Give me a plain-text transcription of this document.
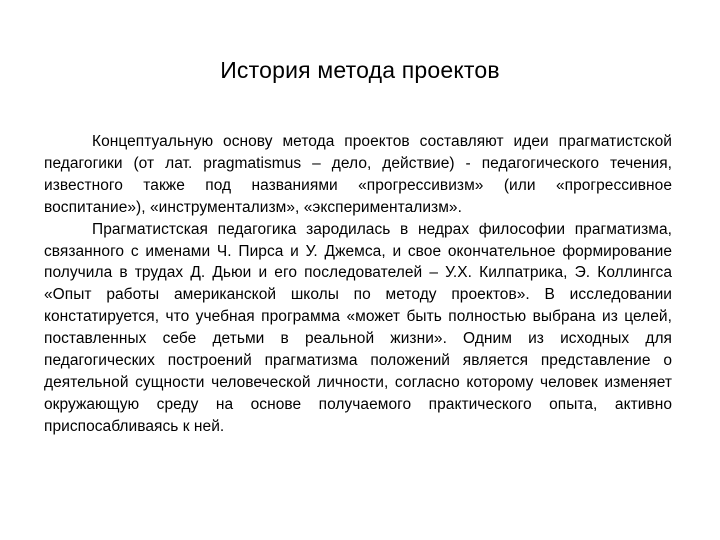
История метода проектов

Концептуальную основу метода проектов составляют идеи прагматистской педагогики (от лат. pragmatismus – дело, действие) - педагогического течения, известного также под названиями «прогрессивизм» (или «прогрессивное воспитание»), «инструментализм», «экспериментализм».

Прагматистская педагогика зародилась в недрах философии прагматизма, связанного с именами Ч. Пирса и У. Джемса, и свое окончательное формирование получила в трудах Д. Дьюи и его последователей – У.Х. Килпатрика, Э. Коллингса «Опыт работы американской школы по методу проектов». В исследовании констатируется, что учебная программа «может быть полностью выбрана из целей, поставленных себе детьми в реальной жизни». Одним из исходных для педагогических построений прагматизма положений является представление о деятельной сущности человеческой личности, согласно которому человек изменяет окружающую среду на основе получаемого практического опыта, активно приспосабливаясь к ней.
